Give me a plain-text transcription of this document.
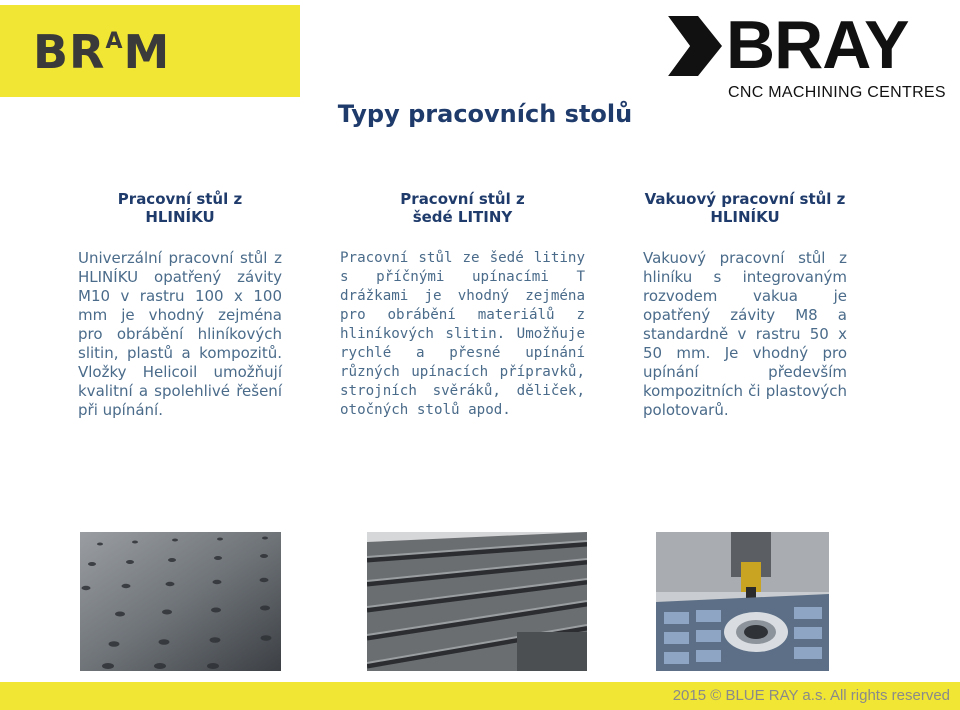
$BR^AM$	BRAY
CNC MACHINING CENTRES
Typy pracovních stolů
Pracovní stůl z HLINÍKU
Univerzální pracovní stůl z HLINÍKU opatřený závity M10 v rastru 100 x 100 mm je vhodný zejména pro obrábění hliníkových slitin, plastů a kompozitů. Vložky Helicoil umožňují kvalitní a spolehlivé řešení při upínání.
Pracovní stůl z šedé LITINY
Pracovní stůl ze šedé litiny s příčnými upínacími T drážkami je vhodný zejména pro obrábění materiálů z hliníkových slitin. Umožňuje rychlé a přesné upínání různých upínacích přípravků, strojních svěráků, děliček, otočných stolů apod.
Vakuový pracovní stůl z HLINÍKU
Vakuový pracovní stůl z hliníku s integrovaným rozvodem vakua je opatřený závity M8 a standardně v rastru 50 x 50 mm. Je vhodný pro upínání především kompozitních či plastových polotovarů.
2015 © BLUE RAY a.s. All rights reserved
